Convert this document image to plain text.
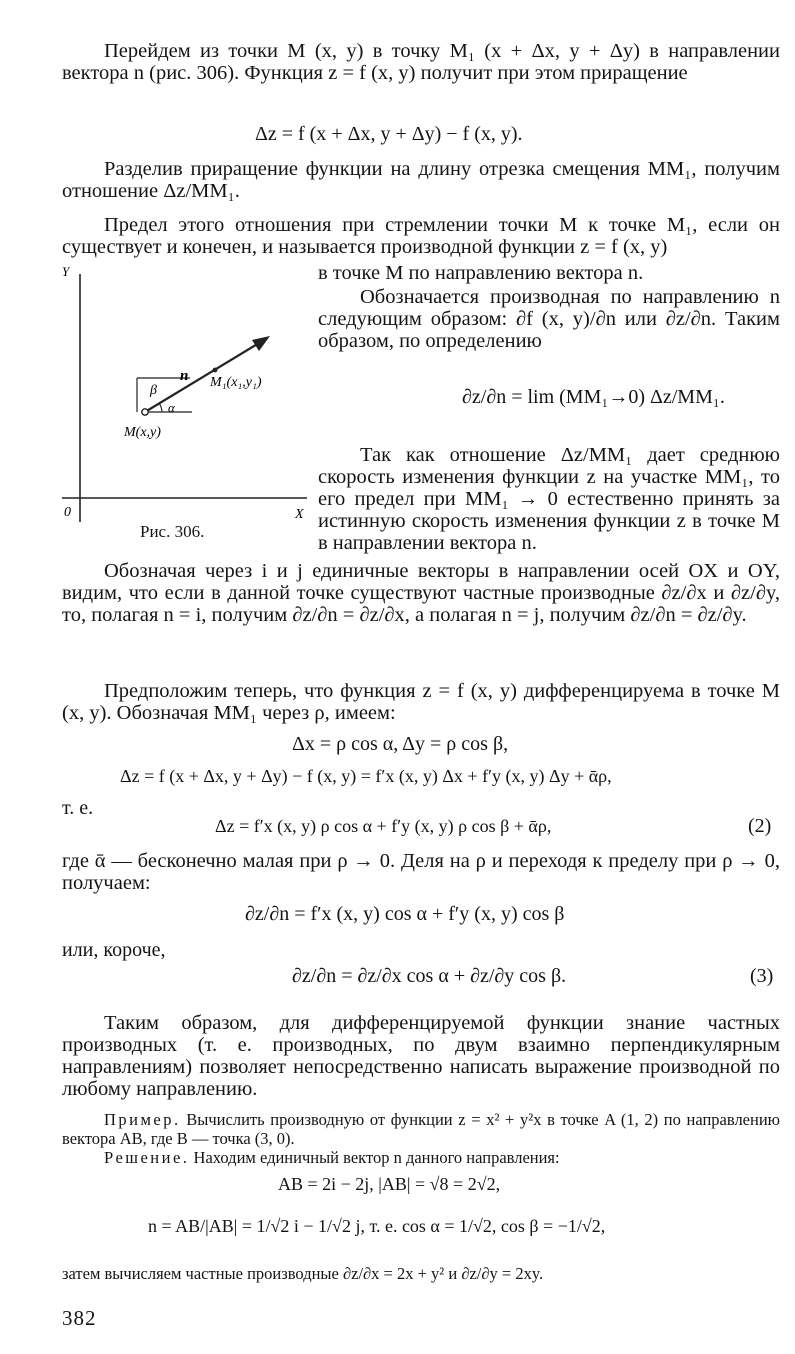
Перейдем из точки M (x, y) в точку M₁ (x + Δx, y + Δy) в направлении вектора n (рис. 306). Функция z = f (x, y) получит при этом приращение

Δz = f (x + Δx, y + Δy) − f (x, y).

Разделив приращение функции на длину отрезка смещения MM₁, получим отношение Δz/MM₁.

Предел этого отношения при стремлении точки M к точке M₁, если он существует и конечен, и называется производной функции z = f (x, y)

в точке M по направлению вектора n.

Обозначается производная по направлению n следующим образом: ∂f (x, y)/∂n или ∂z/∂n. Таким образом, по определению

∂z/∂n = lim (MM₁→0) Δz/MM₁.

Так как отношение Δz/MM₁ дает среднюю скорость изменения функции z на участке MM₁, то его предел при MM₁ → 0 естественно принять за истинную скорость изменения функции z в точке M в направлении вектора n.

Y
X
0
n M₁(x₁,y₁)
M(x,y)
β
α
Рис. 306.

Обозначая через i и j единичные векторы в направлении осей OX и OY, видим, что если в данной точке существуют частные производные ∂z/∂x и ∂z/∂y, то, полагая n = i, получим ∂z/∂n = ∂z/∂x, а полагая n = j, получим ∂z/∂n = ∂z/∂y.

Предположим теперь, что функция z = f (x, y) дифференцируема в точке M (x, y). Обозначая MM₁ через ρ, имеем:

Δx = ρ cos α, Δy = ρ cos β,
Δz = f (x + Δx, y + Δy) − f (x, y) = f′x (x, y) Δx + f′y (x, y) Δy + ᾱρ,
т. е.
Δz = f′x (x, y) ρ cos α + f′y (x, y) ρ cos β + ᾱρ,	(2)

где ᾱ — бесконечно малая при ρ → 0. Деля на ρ и переходя к пределу при ρ → 0, получаем:

∂z/∂n = f′x (x, y) cos α + f′y (x, y) cos β
или, короче,
∂z/∂n = ∂z/∂x cos α + ∂z/∂y cos β.	(3)

Таким образом, для дифференцируемой функции знание частных производных (т. е. производных, по двум взаимно перпендикулярным направлениям) позволяет непосредственно написать выражение производной по любому направлению.

Пример. Вычислить производную от функции z = x² + y²x в точке A (1, 2) по направлению вектора AB, где B — точка (3, 0).

Решение. Находим единичный вектор n данного направления:

AB = 2i − 2j, |AB| = √8 = 2√2,
n = AB/|AB| = 1/√2 i − 1/√2 j, т. е. cos α = 1/√2, cos β = −1/√2,

затем вычисляем частные производные ∂z/∂x = 2x + y² и ∂z/∂y = 2xy.

382
